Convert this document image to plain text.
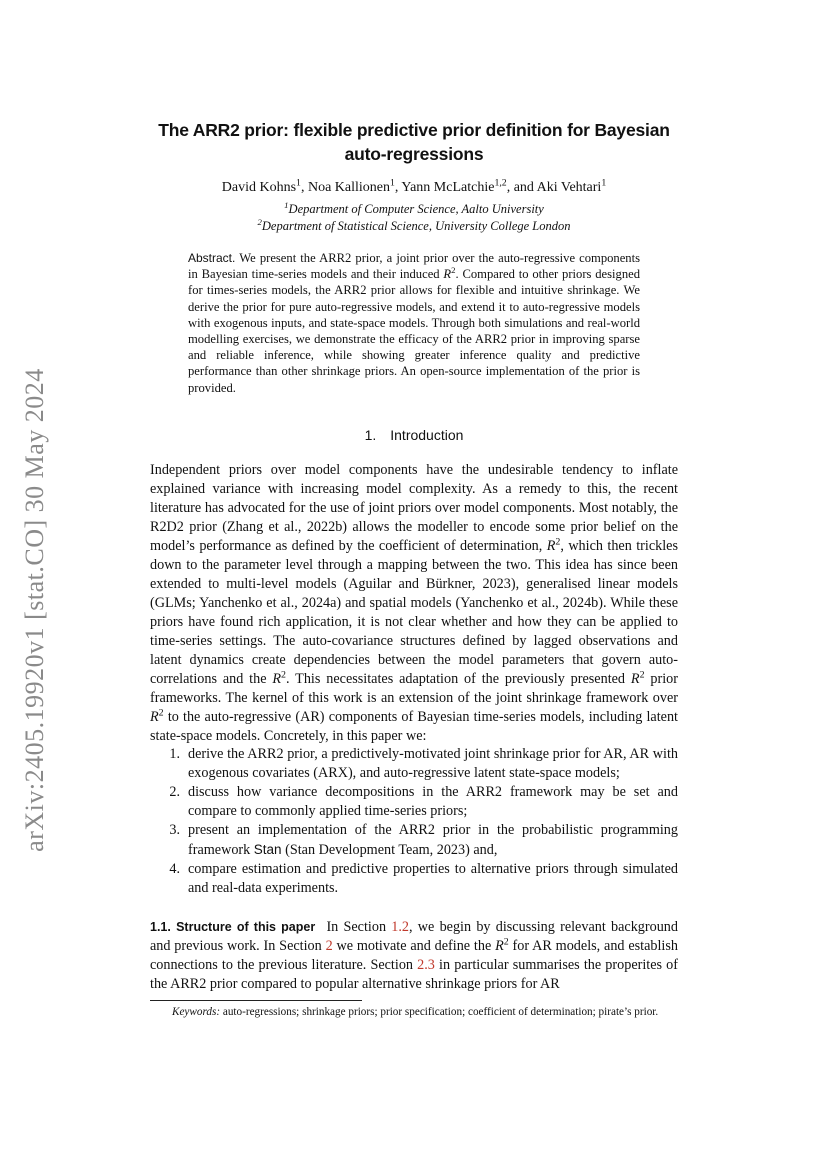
arXiv:2405.19920v1 [stat.CO] 30 May 2024
The ARR2 prior: flexible predictive prior definition for Bayesian
auto-regressions
David Kohns$^1$, Noa Kallionen$^1$, Yann McLatchie$^{1,2}$, and Aki Vehtari$^1$
$^1$Department of Computer Science, Aalto University
$^2$Department of Statistical Science, University College London
Abstract. We present the ARR2 prior, a joint prior over the auto-regressive components in Bayesian time-series models and their induced $R^2$. Compared to other priors designed for times-series models, the ARR2 prior allows for flexible and intuitive shrinkage. We derive the prior for pure auto-regressive models, and extend it to auto-regressive models with exogenous inputs, and state-space models. Through both simulations and real-world modelling exercises, we demonstrate the efficacy of the ARR2 prior in improving sparse and reliable inference, while showing greater inference quality and predictive performance than other shrinkage priors. An open-source implementation of the prior is provided.
1. Introduction

Independent priors over model components have the undesirable tendency to inflate explained variance with increasing model complexity. As a remedy to this, the recent literature has advocated for the use of joint priors over model components. Most notably, the R2D2 prior (Zhang et al., 2022b) allows the modeller to encode some prior belief on the model’s performance as defined by the coefficient of determination, $R^2$, which then trickles down to the parameter level through a mapping between the two. This idea has since been extended to multi-level models (Aguilar and Bürkner, 2023), generalised linear models (GLMs; Yanchenko et al., 2024a) and spatial models (Yanchenko et al., 2024b). While these priors have found rich application, it is not clear whether and how they can be applied to time-series settings. The auto-covariance structures defined by lagged observations and latent dynamics create dependencies between the model parameters that govern auto-correlations and the $R^2$. This necessitates adaptation of the previously presented $R^2$ prior frameworks. The kernel of this work is an extension of the joint shrinkage framework over $R^2$ to the auto-regressive (AR) components of Bayesian time-series models, including latent state-space models. Concretely, in this paper we:

1. derive the ARR2 prior, a predictively-motivated joint shrinkage prior for AR, AR with exogenous covariates (ARX), and auto-regressive latent state-space models;
2. discuss how variance decompositions in the ARR2 framework may be set and compare to commonly applied time-series priors;
3. present an implementation of the ARR2 prior in the probabilistic programming framework Stan (Stan Development Team, 2023) and,
4. compare estimation and predictive properties to alternative priors through simulated and real-data experiments.

1.1. Structure of this paper In Section 1.2, we begin by discussing relevant background and previous work. In Section 2 we motivate and define the $R^2$ for AR models, and establish connections to the previous literature. Section 2.3 in particular summarises the properites of the ARR2 prior compared to popular alternative shrinkage priors for AR

Keywords: auto-regressions; shrinkage priors; prior specification; coefficient of determination; pirate’s prior.
